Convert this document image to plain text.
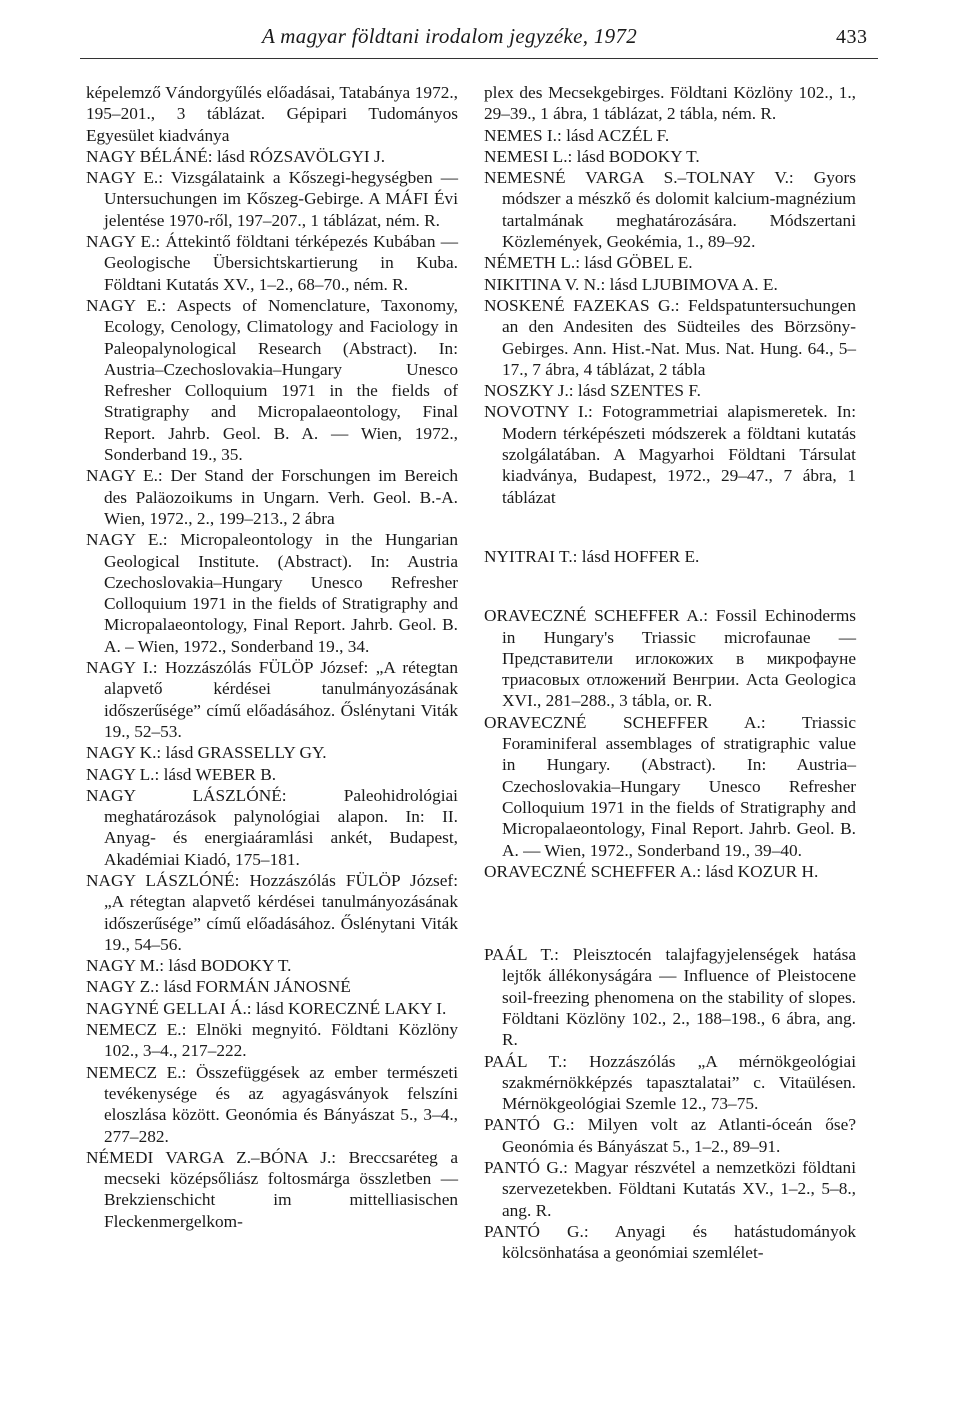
A magyar földtani irodalom jegyzéke, 1972	433

képelemző Vándorgyűlés előadásai, Tatabánya 1972., 195–201., 3 táblázat. Gépipari Tudományos Egyesület kiadványa

NAGY BÉLÁNÉ: lásd RÓZSAVÖLGYI J.

NAGY E.: Vizsgálataink a Kőszegi-hegységben — Untersuchungen im Kőszeg-Gebirge. A MÁFI Évi jelentése 1970-ről, 197–207., 1 táblázat, ném. R.

NAGY E.: Áttekintő földtani térképezés Kubában — Geologische Übersichtskartierung in Kuba. Földtani Kutatás XV., 1–2., 68–70., ném. R.

NAGY E.: Aspects of Nomenclature, Taxonomy, Ecology, Cenology, Climatology and Faciology in Paleopalynological Research (Abstract). In: Austria–Czechoslovakia–Hungary Unesco Refresher Colloquium 1971 in the fields of Stratigraphy and Micropalaeontology, Final Report. Jahrb. Geol. B. A. — Wien, 1972., Sonderband 19., 35.

NAGY E.: Der Stand der Forschungen im Bereich des Paläozoikums in Ungarn. Verh. Geol. B.-A. Wien, 1972., 2., 199–213., 2 ábra

NAGY E.: Micropaleontology in the Hungarian Geological Institute. (Abstract). In: Austria Czechoslovakia–Hungary Unesco Refresher Colloquium 1971 in the fields of Stratigraphy and Micropalaeontology, Final Report. Jahrb. Geol. B. A. – Wien, 1972., Sonderband 19., 34.

NAGY I.: Hozzászólás FÜLÖP József: „A rétegtan alapvető kérdései tanulmányozásának időszerűsége” című előadásához. Őslénytani Viták 19., 52–53.

NAGY K.: lásd GRASSELLY GY.

NAGY L.: lásd WEBER B.

NAGY LÁSZLÓNÉ: Paleohidrológiai meghatározások palynológiai alapon. In: II. Anyag- és energiaáramlási ankét, Budapest, Akadémiai Kiadó, 175–181.

NAGY LÁSZLÓNÉ: Hozzászólás FÜLÖP József: „A rétegtan alapvető kérdései tanulmányozásának időszerűsége” című előadásához. Őslénytani Viták 19., 54–56.

NAGY M.: lásd BODOKY T.

NAGY Z.: lásd FORMÁN JÁNOSNÉ

NAGYNÉ GELLAI Á.: lásd KORECZNÉ LAKY I.

NEMECZ E.: Elnöki megnyitó. Földtani Közlöny 102., 3–4., 217–222.

NEMECZ E.: Összefüggések az ember természeti tevékenysége és az agyagásványok felszíni eloszlása között. Geonómia és Bányászat 5., 3–4., 277–282.

NÉMEDI VARGA Z.–BÓNA J.: Breccsaréteg a mecseki középsőliász foltosmárga összletben — Brekzienschicht im mittelliasischen Fleckenmergelkom-

plex des Mecsekgebirges. Földtani Közlöny 102., 1., 29–39., 1 ábra, 1 táblázat, 2 tábla, ném. R.

NEMES I.: lásd ACZÉL F.

NEMESI L.: lásd BODOKY T.

NEMESNÉ VARGA S.–TOLNAY V.: Gyors módszer a mészkő és dolomit kalcium-magnézium tartalmának meghatározására. Módszertani Közlemények, Geokémia, 1., 89–92.

NÉMETH L.: lásd GÖBEL E.

NIKITINA V. N.: lásd LJUBIMOVA A. E.

NOSKENÉ FAZEKAS G.: Feldspatuntersuchungen an den Andesiten des Südteiles des Börzsöny-Gebirges. Ann. Hist.-Nat. Mus. Nat. Hung. 64., 5–17., 7 ábra, 4 táblázat, 2 tábla

NOSZKY J.: lásd SZENTES F.

NOVOTNY I.: Fotogrammetriai alapismeretek. In: Modern térképészeti módszerek a földtani kutatás szolgálatában. A Magyarhoi Földtani Társulat kiadványa, Budapest, 1972., 29–47., 7 ábra, 1 táblázat

NYITRAI T.: lásd HOFFER E.

ORAVECZNÉ SCHEFFER A.: Fossil Echinoderms in Hungary's Triassic microfaunae — Представители иглокожих в микрофауне триасовых отложений Венгрии. Acta Geologica XVI., 281–288., 3 tábla, or. R.

ORAVECZNÉ SCHEFFER A.: Triassic Foraminiferal assemblages of stratigraphic value in Hungary. (Abstract). In: Austria–Czechoslovakia–Hungary Unesco Refresher Colloquium 1971 in the fields of Stratigraphy and Micropalaeontology, Final Report. Jahrb. Geol. B. A. — Wien, 1972., Sonderband 19., 39–40.

ORAVECZNÉ SCHEFFER A.: lásd KOZUR H.

PAÁL T.: Pleisztocén talajfagyjelenségek hatása lejtők állékonyságára — Influence of Pleistocene soil-freezing phenomena on the stability of slopes. Földtani Közlöny 102., 2., 188–198., 6 ábra, ang. R.

PAÁL T.: Hozzászólás „A mérnökgeológiai szakmérnökképzés tapasztalatai” c. Vitaülésen. Mérnökgeológiai Szemle 12., 73–75.

PANTÓ G.: Milyen volt az Atlanti-óceán őse? Geonómia és Bányászat 5., 1–2., 89–91.

PANTÓ G.: Magyar részvétel a nemzetközi földtani szervezetekben. Földtani Kutatás XV., 1–2., 5–8., ang. R.

PANTÓ G.: Anyagi és hatástudományok kölcsönhatása a geonómiai szemlélet-
